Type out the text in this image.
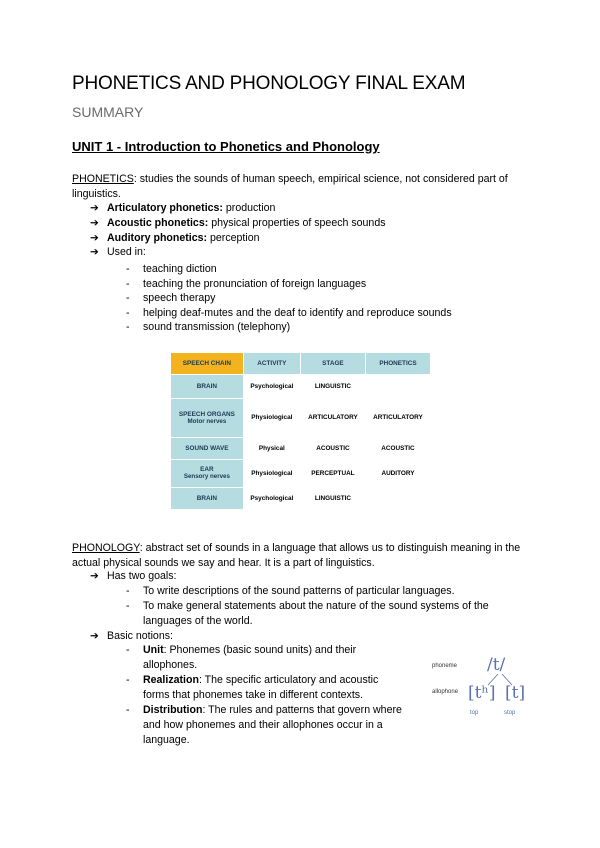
PHONETICS AND PHONOLOGY FINAL EXAM
SUMMARY
UNIT 1 - Introduction to Phonetics and Phonology
PHONETICS: studies the sounds of human speech, empirical science, not considered part of linguistics.
➔ Articulatory phonetics: production
➔ Acoustic phonetics: physical properties of speech sounds
➔ Auditory phonetics: perception
➔ Used in:
-	teaching diction
-	teaching the pronunciation of foreign languages
-	speech therapy
-	helping deaf-mutes and the deaf to identify and reproduce sounds
-	sound transmission (telephony)
SPEECH CHAIN	ACTIVITY	STAGE	PHONETICS
BRAIN	Psychological	LINGUISTIC	

SPEECH ORGANS
Motor nerves	Physiological	ARTICULATORY	ARTICULATORY
SOUND WAVE	Physical	ACOUSTIC	ACOUSTIC

EAR
Sensory nerves	Physiological	PERCEPTUAL	AUDITORY
BRAIN	Psychological	LINGUISTIC	
PHONOLOGY: abstract set of sounds in a language that allows us to distinguish meaning in the actual physical sounds we say and hear. It is a part of linguistics.
➔ Has two goals:
-	To write descriptions of the sound patterns of particular languages.
-	To make general statements about the nature of the sound systems of the languages of the world.
➔ Basic notions:
-	Unit: Phonemes (basic sound units) and their allophones.
-	Realization: The specific articulatory and acoustic forms that phonemes take in different contexts.
-	Distribution: The rules and patterns that govern where and how phonemes and their allophones occur in a language.
phoneme
allophone
/t/
[tʰ] [t]
top	stop
